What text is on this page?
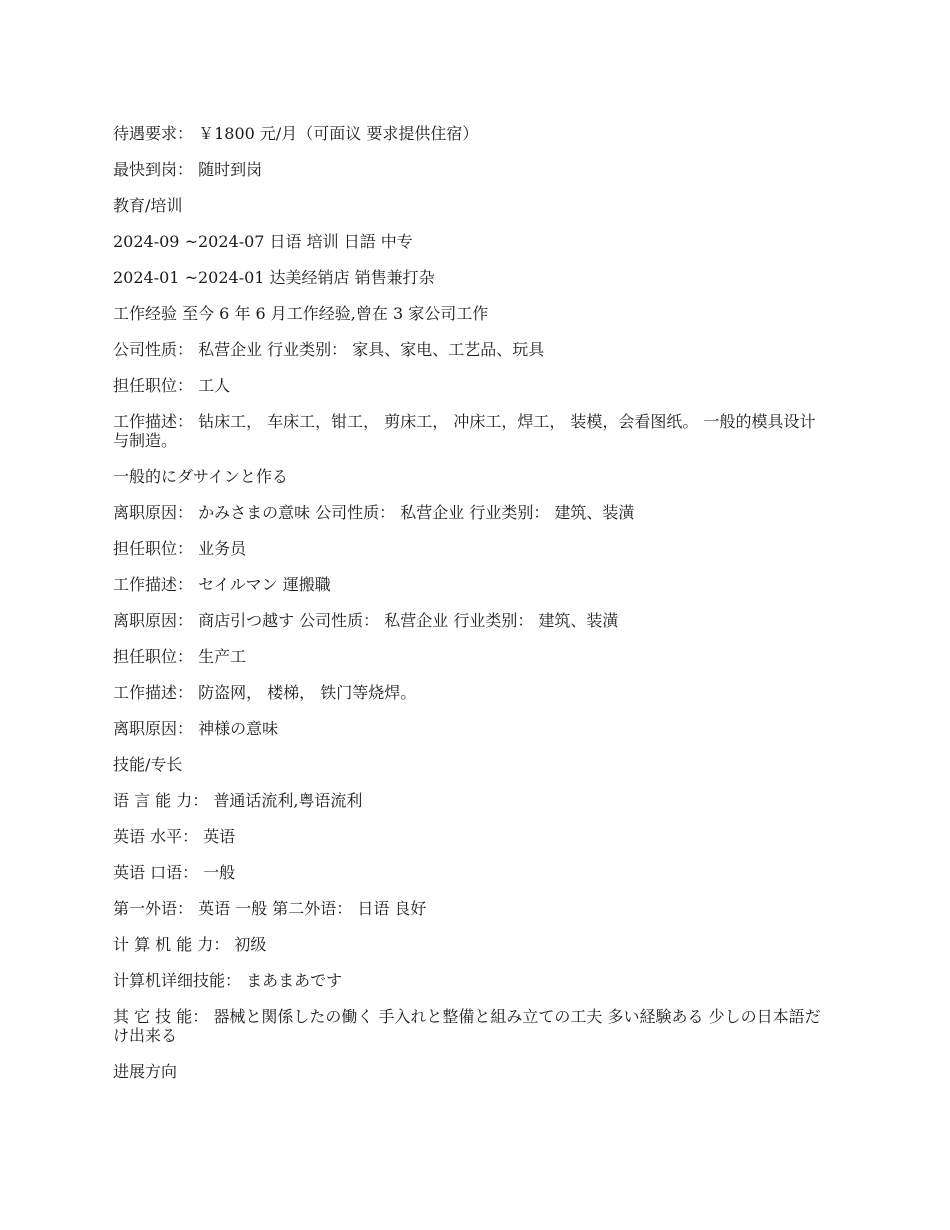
待遇要求： ￥1800 元/月（可面议 要求提供住宿）

最快到岗： 随时到岗

教育/培训

2024-09 ~2024-07 日语 培训 日語 中专

2024-01 ~2024-01 达美经销店 销售兼打杂

工作经验 至今 6 年 6 月工作经验,曾在 3 家公司工作

公司性质： 私营企业 行业类别： 家具、家电、工艺品、玩具

担任职位： 工人

工作描述： 钻床工， 车床工，钳工， 剪床工， 冲床工，焊工， 装模，会看图纸。 一般的模具设计与制造。

一般的にダサインと作る

离职原因： かみさまの意味 公司性质： 私营企业 行业类别： 建筑、装潢

担任职位： 业务员

工作描述： セイルマン 運搬職

离职原因： 商店引つ越す 公司性质： 私营企业 行业类别： 建筑、装潢

担任职位： 生产工

工作描述： 防盗网， 楼梯， 铁门等烧焊。

离职原因： 神様の意味

技能/专长

语 言 能 力： 普通话流利,粤语流利

英语 水平： 英语

英语 口语： 一般

第一外语： 英语 一般 第二外语： 日语 良好

计 算 机 能 力： 初级

计算机详细技能： まあまあです

其 它 技 能： 器械と関係したの働く 手入れと整備と組み立ての工夫 多い経験ある 少しの日本語だけ出来る

进展方向
